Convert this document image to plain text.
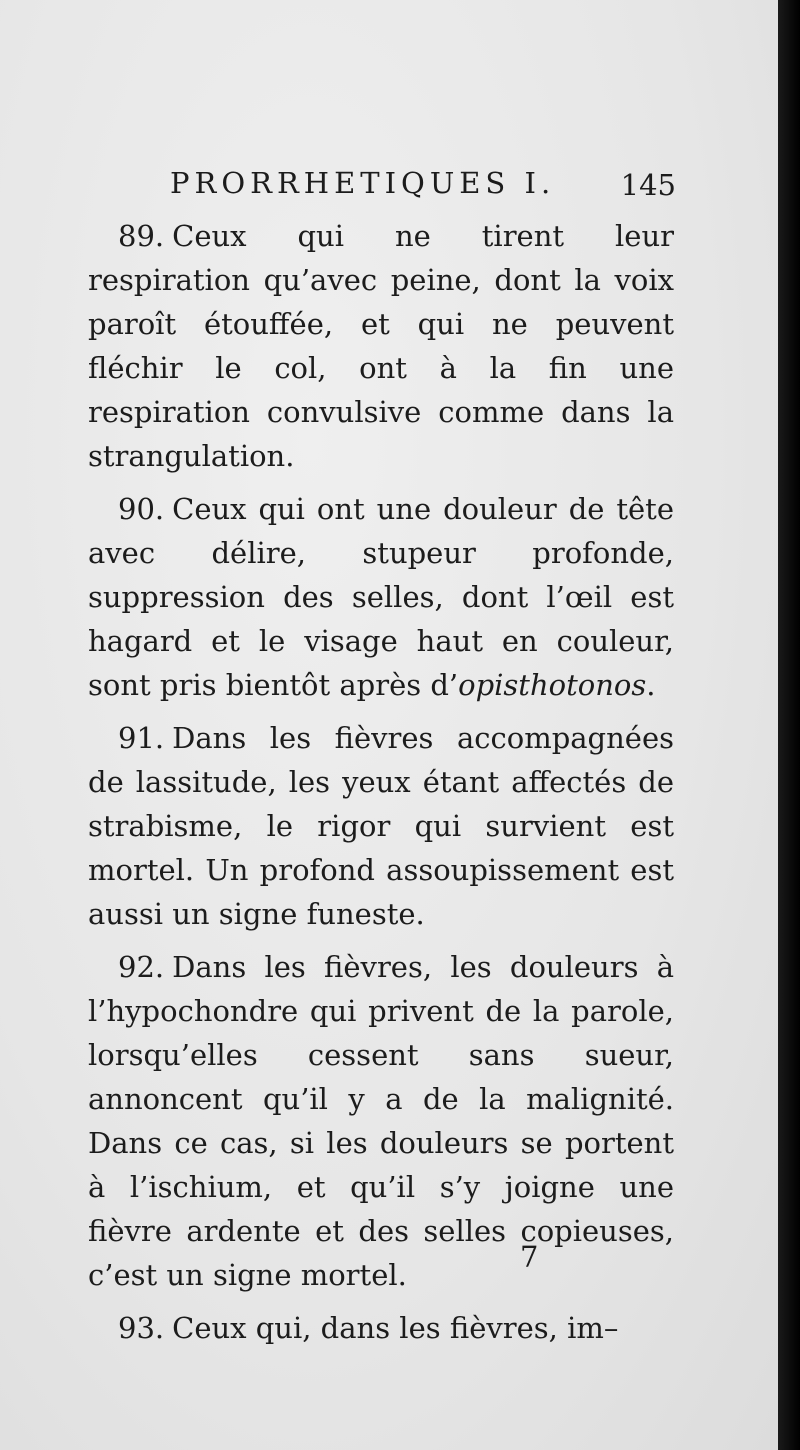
PRORRHETIQUES I. 145

89. Ceux qui ne tirent leur respiration qu’avec peine, dont la voix paroît étouffée, et qui ne peuvent fléchir le col, ont à la fin une respiration convulsive comme dans la strangulation.

90. Ceux qui ont une douleur de tête avec délire, stupeur profonde, suppression des selles, dont l’œil est hagard et le visage haut en couleur, sont pris bientôt après d’opisthotonos.

91. Dans les fièvres accompagnées de lassitude, les yeux étant affectés de strabisme, le rigor qui survient est mortel. Un profond assoupissement est aussi un signe funeste.

92. Dans les fièvres, les douleurs à l’hypochondre qui privent de la parole, lorsqu’elles cessent sans sueur, annoncent qu’il y a de la malignité. Dans ce cas, si les douleurs se portent à l’ischium, et qu’il s’y joigne une fièvre ardente et des selles copieuses, c’est un signe mortel.

93. Ceux qui, dans les fièvres, im–

7
